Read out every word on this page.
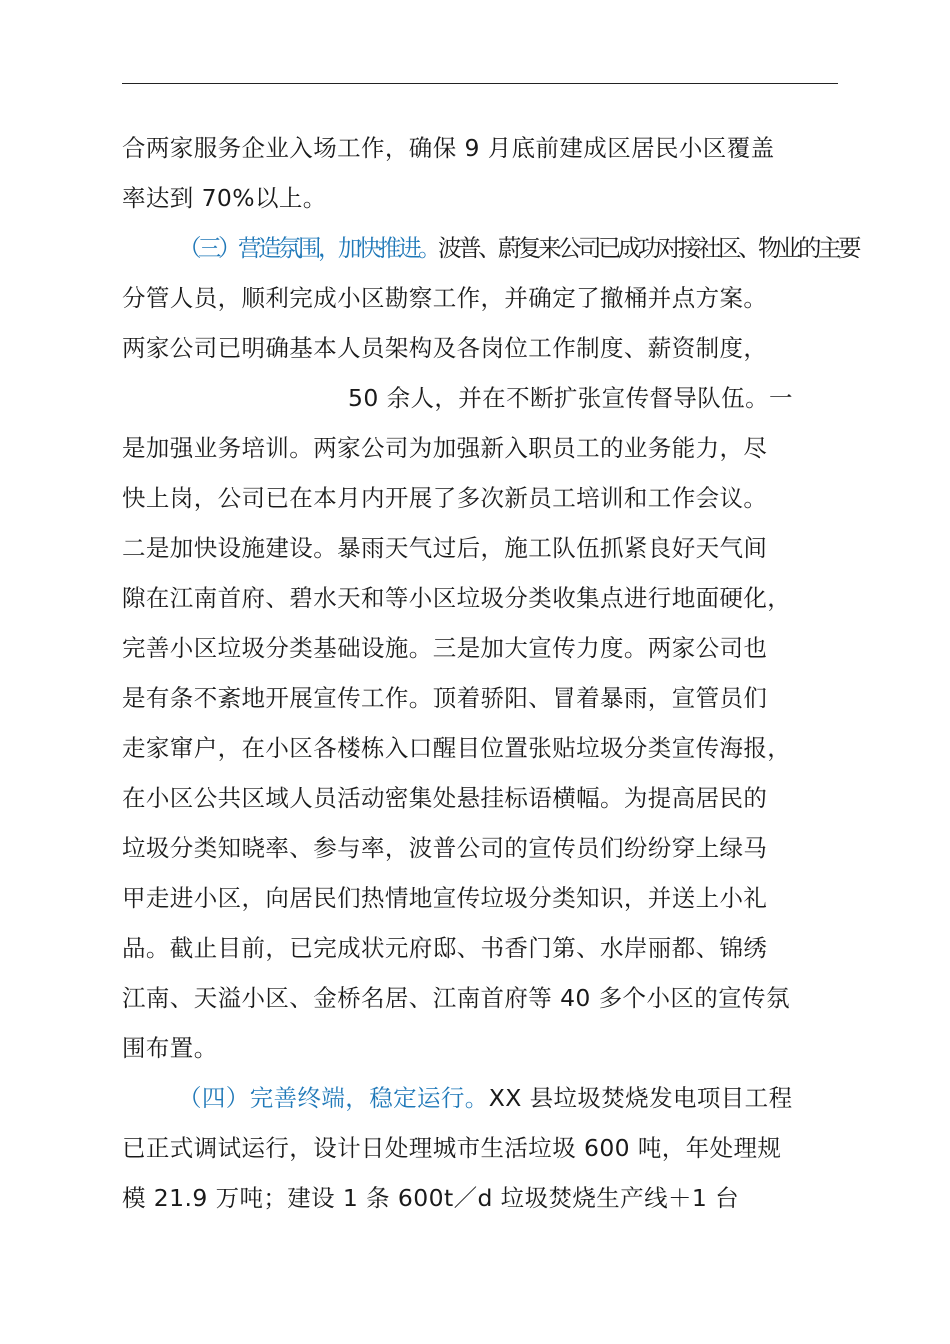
合两家服务企业入场工作，确保 9 月底前建成区居民小区覆盖
率达到 70%以上。
（三）营造氛围，加快推进。波普、蔚复来公司已成功对接社区、物业的主要
分管人员，顺利完成小区勘察工作，并确定了撤桶并点方案。
两家公司已明确基本人员架构及各岗位工作制度、薪资制度，
50 余人，并在不断扩张宣传督导队伍。一
是加强业务培训。两家公司为加强新入职员工的业务能力，尽
快上岗，公司已在本月内开展了多次新员工培训和工作会议。
二是加快设施建设。暴雨天气过后，施工队伍抓紧良好天气间
隙在江南首府、碧水天和等小区垃圾分类收集点进行地面硬化，
完善小区垃圾分类基础设施。三是加大宣传力度。两家公司也
是有条不紊地开展宣传工作。顶着骄阳、冒着暴雨，宣管员们
走家窜户，在小区各楼栋入口醒目位置张贴垃圾分类宣传海报，
在小区公共区域人员活动密集处悬挂标语横幅。为提高居民的
垃圾分类知晓率、参与率，波普公司的宣传员们纷纷穿上绿马
甲走进小区，向居民们热情地宣传垃圾分类知识，并送上小礼
品。截止目前，已完成状元府邸、书香门第、水岸丽都、锦绣
江南、天溢小区、金桥名居、江南首府等 40 多个小区的宣传氛
围布置。
（四）完善终端，稳定运行。XX 县垃圾焚烧发电项目工程
已正式调试运行，设计日处理城市生活垃圾 600 吨，年处理规
模 21.9 万吨；建设 1 条 600t／d 垃圾焚烧生产线＋1 台
